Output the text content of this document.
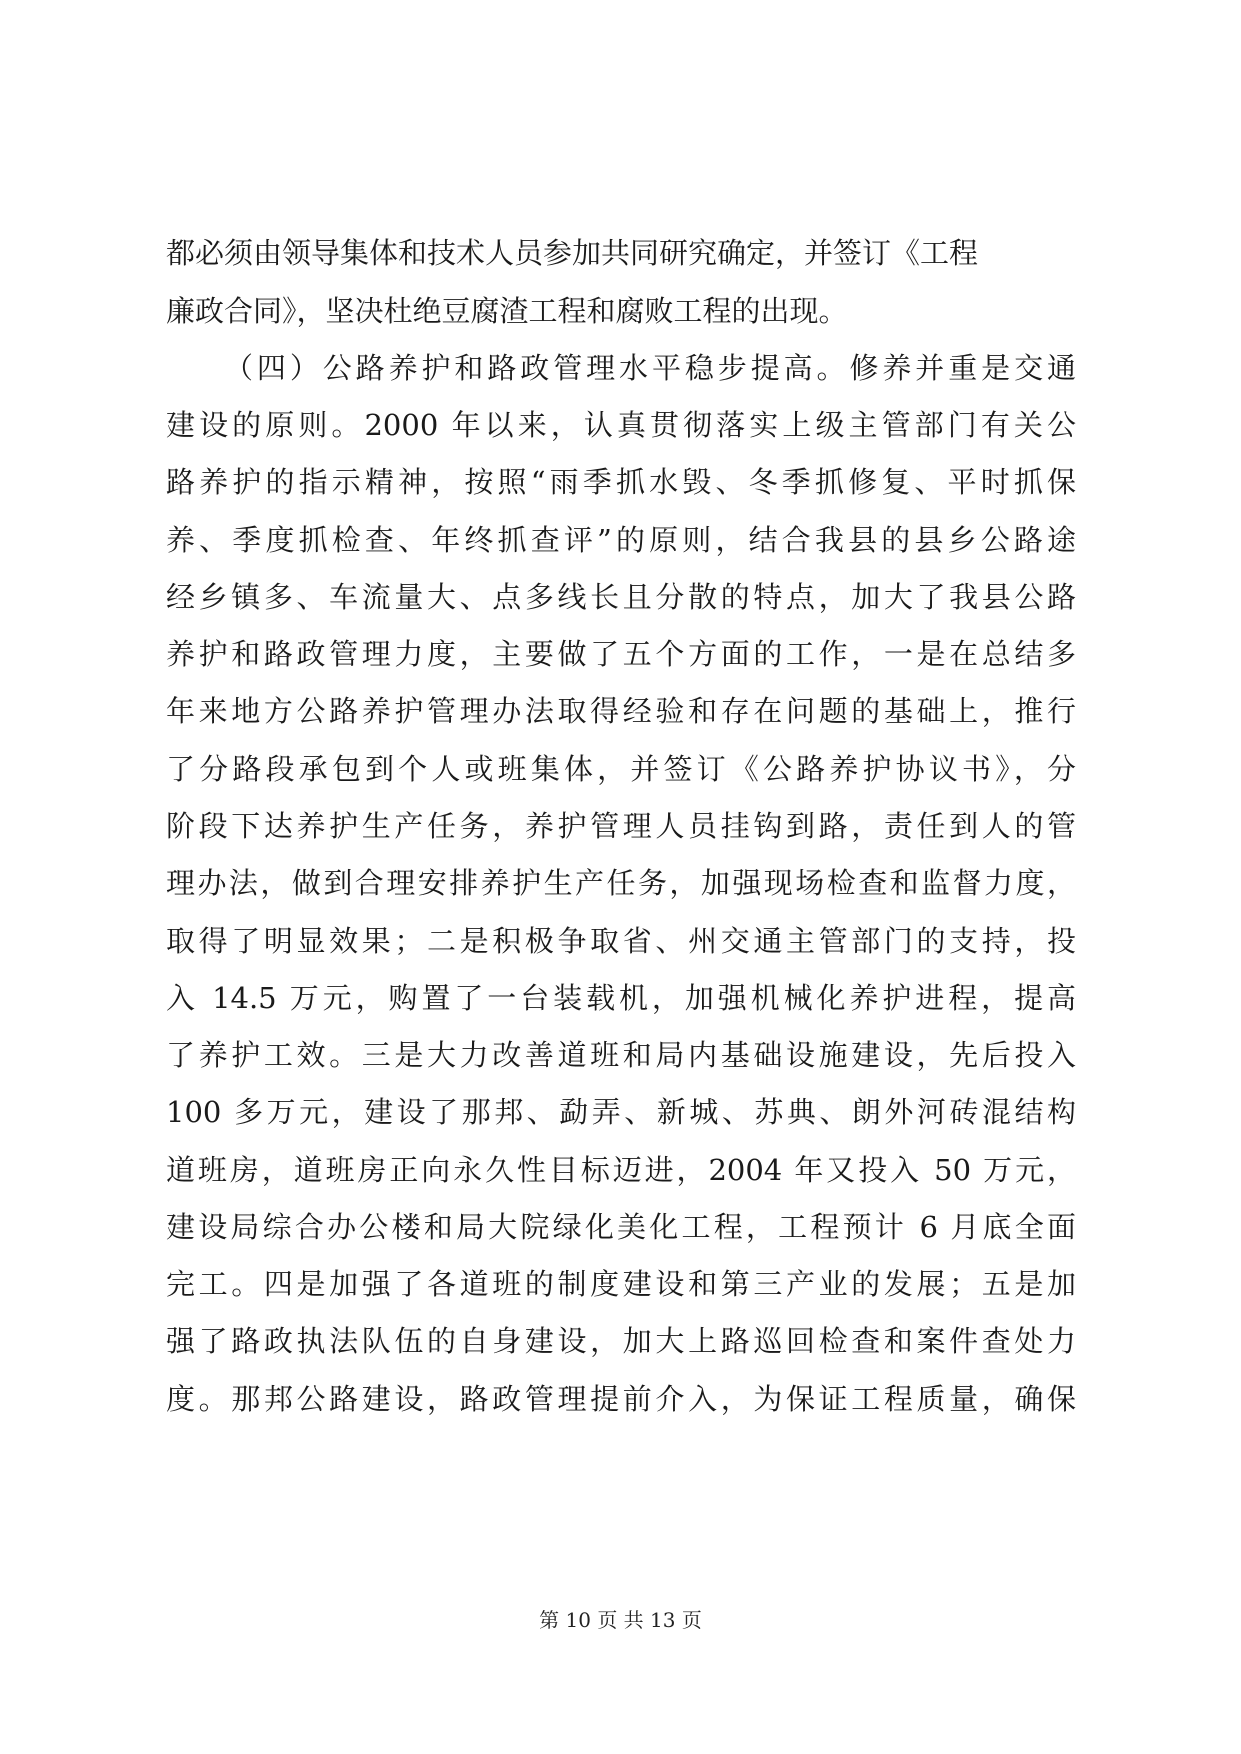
都必须由领导集体和技术人员参加共同研究确定，并签订《工程
廉政合同》，坚决杜绝豆腐渣工程和腐败工程的出现。
（四）公路养护和路政管理水平稳步提高。修养并重是交通
建设的原则。2000 年以来，认真贯彻落实上级主管部门有关公
路养护的指示精神，按照“雨季抓水毁、冬季抓修复、平时抓保
养、季度抓检查、年终抓查评”的原则，结合我县的县乡公路途
经乡镇多、车流量大、点多线长且分散的特点，加大了我县公路
养护和路政管理力度，主要做了五个方面的工作，一是在总结多
年来地方公路养护管理办法取得经验和存在问题的基础上，推行
了分路段承包到个人或班集体，并签订《公路养护协议书》，分
阶段下达养护生产任务，养护管理人员挂钩到路，责任到人的管
理办法，做到合理安排养护生产任务，加强现场检查和监督力度，
取得了明显效果；二是积极争取省、州交通主管部门的支持，投
入 14.5 万元，购置了一台装载机，加强机械化养护进程，提高
了养护工效。三是大力改善道班和局内基础设施建设，先后投入
100 多万元，建设了那邦、勐弄、新城、苏典、朗外河砖混结构
道班房，道班房正向永久性目标迈进，2004 年又投入 50 万元，
建设局综合办公楼和局大院绿化美化工程，工程预计 6 月底全面
完工。四是加强了各道班的制度建设和第三产业的发展；五是加
强了路政执法队伍的自身建设，加大上路巡回检查和案件查处力
度。那邦公路建设，路政管理提前介入，为保证工程质量，确保
第 10 页 共 13 页
